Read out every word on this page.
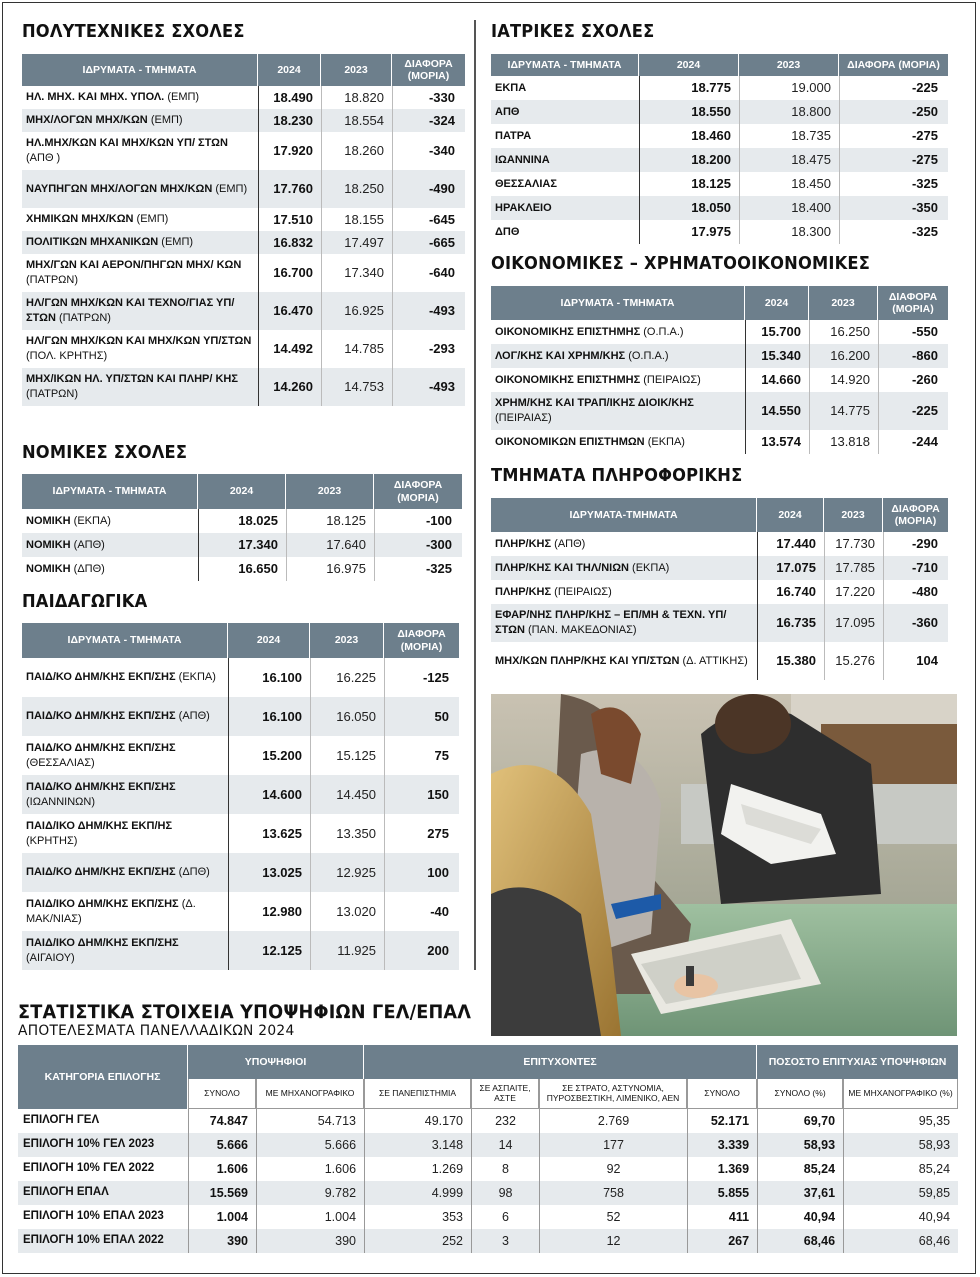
ΠΟΛΥΤΕΧΝΙΚΕΣ ΣΧΟΛΕΣ
ΙΔΡΥΜΑΤΑ - ΤΜΗΜΑΤΑ	2024	2023	ΔΙΑΦΟΡΑ (ΜΟΡΙΑ)
ΗΛ. ΜΗΧ. ΚΑΙ ΜΗΧ. ΥΠΟΛ. (ΕΜΠ)	18.490	18.820	-330
ΜΗΧ/ΛΟΓΩΝ ΜΗΧ/ΚΩΝ (ΕΜΠ)	18.230	18.554	-324
ΗΛ.ΜΗΧ/ΚΩΝ ΚΑΙ ΜΗΧ/ΚΩΝ ΥΠ/ ΣΤΩΝ (ΑΠΘ )	17.920	18.260	-340
ΝΑΥΠΗΓΩΝ ΜΗΧ/ΛΟΓΩΝ ΜΗΧ/ΚΩΝ (ΕΜΠ)	17.760	18.250	-490
ΧΗΜΙΚΩΝ ΜΗΧ/ΚΩΝ (ΕΜΠ)	17.510	18.155	-645
ΠΟΛΙΤΙΚΩΝ ΜΗΧΑΝΙΚΩΝ (ΕΜΠ)	16.832	17.497	-665
ΜΗΧ/ΓΩΝ ΚΑΙ ΑΕΡΟΝ/ΠΗΓΩΝ ΜΗΧ/ ΚΩΝ (ΠΑΤΡΩΝ)	16.700	17.340	-640
ΗΛ/ΓΩΝ ΜΗΧ/ΚΩΝ ΚΑΙ ΤΕΧΝΟ/ΓΙΑΣ ΥΠ/ΣΤΩΝ (ΠΑΤΡΩΝ)	16.470	16.925	-493
ΗΛ/ΓΩΝ ΜΗΧ/ΚΩΝ ΚΑΙ ΜΗΧ/ΚΩΝ ΥΠ/ΣΤΩΝ (ΠΟΛ. ΚΡΗΤΗΣ)	14.492	14.785	-293
ΜΗΧ/ΙΚΩΝ ΗΛ. ΥΠ/ΣΤΩΝ ΚΑΙ ΠΛΗΡ/ ΚΗΣ (ΠΑΤΡΩΝ)	14.260	14.753	-493
ΝΟΜΙΚΕΣ ΣΧΟΛΕΣ
ΙΔΡΥΜΑΤΑ - ΤΜΗΜΑΤΑ	2024	2023	ΔΙΑΦΟΡΑ (ΜΟΡΙΑ)
ΝΟΜΙΚΗ (ΕΚΠΑ)	18.025	18.125	-100
ΝΟΜΙΚΗ (ΑΠΘ)	17.340	17.640	-300
ΝΟΜΙΚΗ (ΔΠΘ)	16.650	16.975	-325
ΠΑΙΔΑΓΩΓΙΚΑ
ΙΔΡΥΜΑΤΑ - ΤΜΗΜΑΤΑ	2024	2023	ΔΙΑΦΟΡΑ (ΜΟΡΙΑ)
ΠΑΙΔ/ΚΟ ΔΗΜ/ΚΗΣ ΕΚΠ/ΣΗΣ (ΕΚΠΑ)	16.100	16.225	-125
ΠΑΙΔ/ΚΟ ΔΗΜ/ΚΗΣ ΕΚΠ/ΣΗΣ (ΑΠΘ)	16.100	16.050	50
ΠΑΙΔ/ΚΟ ΔΗΜ/ΚΗΣ ΕΚΠ/ΣΗΣ (ΘΕΣΣΑΛΙΑΣ)	15.200	15.125	75
ΠΑΙΔ/ΚΟ ΔΗΜ/ΚΗΣ ΕΚΠ/ΣΗΣ (ΙΩΑΝΝΙΝΩΝ)	14.600	14.450	150
ΠΑΙΔ/ΙΚΟ ΔΗΜ/ΚΗΣ ΕΚΠ/ΗΣ (ΚΡΗΤΗΣ)	13.625	13.350	275
ΠΑΙΔ/ΚΟ ΔΗΜ/ΚΗΣ ΕΚΠ/ΣΗΣ (ΔΠΘ)	13.025	12.925	100
ΠΑΙΔ/ΙΚΟ ΔΗΜ/ΚΗΣ ΕΚΠ/ΣΗΣ (Δ. ΜΑΚ/ΝΙΑΣ)	12.980	13.020	-40
ΠΑΙΔ/ΙΚΟ ΔΗΜ/ΚΗΣ ΕΚΠ/ΣΗΣ (ΑΙΓΑΙΟΥ)	12.125	11.925	200
ΙΑΤΡΙΚΕΣ ΣΧΟΛΕΣ
ΙΔΡΥΜΑΤΑ - ΤΜΗΜΑΤΑ	2024	2023	ΔΙΑΦΟΡΑ (ΜΟΡΙΑ)
ΕΚΠΑ	18.775	19.000	-225
ΑΠΘ	18.550	18.800	-250
ΠΑΤΡΑ	18.460	18.735	-275
ΙΩΑΝΝΙΝΑ	18.200	18.475	-275
ΘΕΣΣΑΛΙΑΣ	18.125	18.450	-325
ΗΡΑΚΛΕΙΟ	18.050	18.400	-350
ΔΠΘ	17.975	18.300	-325
ΟΙΚΟΝΟΜΙΚΕΣ – ΧΡΗΜΑΤΟΟΙΚΟΝΟΜΙΚΕΣ
ΙΔΡΥΜΑΤΑ - ΤΜΗΜΑΤΑ	2024	2023	ΔΙΑΦΟΡΑ (ΜΟΡΙΑ)
ΟΙΚΟΝΟΜΙΚΗΣ ΕΠΙΣΤΗΜΗΣ (Ο.Π.Α.)	15.700	16.250	-550
ΛΟΓ/ΚΗΣ ΚΑΙ ΧΡΗΜ/ΚΗΣ (Ο.Π.Α.)	15.340	16.200	-860
ΟΙΚΟΝΟΜΙΚΗΣ ΕΠΙΣΤΗΜΗΣ (ΠΕΙΡΑΙΩΣ)	14.660	14.920	-260
ΧΡΗΜ/ΚΗΣ ΚΑΙ ΤΡΑΠ/ΙΚΗΣ ΔΙΟΙΚ/ΚΗΣ (ΠΕΙΡΑΙΑΣ)	14.550	14.775	-225
ΟΙΚΟΝΟΜΙΚΩΝ ΕΠΙΣΤΗΜΩΝ (ΕΚΠΑ)	13.574	13.818	-244
ΤΜΗΜΑΤΑ ΠΛΗΡΟΦΟΡΙΚΗΣ
ΙΔΡΥΜΑΤΑ-ΤΜΗΜΑΤΑ	2024	2023	ΔΙΑΦΟΡΑ (ΜΟΡΙΑ)
ΠΛΗΡ/ΚΗΣ (ΑΠΘ)	17.440	17.730	-290
ΠΛΗΡ/ΚΗΣ ΚΑΙ ΤΗΛ/ΝΙΩΝ (ΕΚΠΑ)	17.075	17.785	-710
ΠΛΗΡ/ΚΗΣ (ΠΕΙΡΑΙΩΣ)	16.740	17.220	-480
ΕΦΑΡ/ΝΗΣ ΠΛΗΡ/ΚΗΣ – ΕΠ/ΜΗ & ΤΕΧΝ. ΥΠ/ΣΤΩΝ (ΠΑΝ. ΜΑΚΕΔΟΝΙΑΣ)	16.735	17.095	-360
ΜΗΧ/ΚΩΝ ΠΛΗΡ/ΚΗΣ ΚΑΙ ΥΠ/ΣΤΩΝ (Δ. ΑΤΤΙΚΗΣ)	15.380	15.276	104
ΣΤΑΤΙΣΤΙΚΑ ΣΤΟΙΧΕΙΑ ΥΠΟΨΗΦΙΩΝ ΓΕΛ/ΕΠΑΛ
ΑΠΟΤΕΛΕΣΜΑΤΑ ΠΑΝΕΛΛΑΔΙΚΩΝ 2024
ΚΑΤΗΓΟΡΙΑ ΕΠΙΛΟΓΗΣ	ΥΠΟΨΗΦΙΟΙ		ΕΠΙΤΥΧΟΝΤΕΣ				ΠΟΣΟΣΤΟ ΕΠΙΤΥΧΙΑΣ ΥΠΟΨΗΦΙΩΝ	
	ΣΥΝΟΛΟ	ΜΕ ΜΗΧΑΝΟΓΡΑΦΙΚΟ	ΣΕ ΠΑΝΕΠΙΣΤΗΜΙΑ	ΣΕ ΑΣΠΑΙΤΕ, ΑΣΤΕ	ΣΕ ΣΤΡΑΤΟ, ΑΣΤΥΝΟΜΙΑ, ΠΥΡΟΣΒΕΣΤΙΚΗ, ΛΙΜΕΝΙΚΟ, ΑΕΝ	ΣΥΝΟΛΟ	ΣΥΝΟΛΟ (%)	ΜΕ ΜΗΧΑΝΟΓΡΑΦΙΚΟ (%)
ΕΠΙΛΟΓΗ ΓΕΛ	74.847	54.713	49.170	232	2.769	52.171	69,70	95,35
ΕΠΙΛΟΓΗ 10% ΓΕΛ 2023	5.666	5.666	3.148	14	177	3.339	58,93	58,93
ΕΠΙΛΟΓΗ 10% ΓΕΛ 2022	1.606	1.606	1.269	8	92	1.369	85,24	85,24
ΕΠΙΛΟΓΗ ΕΠΑΛ	15.569	9.782	4.999	98	758	5.855	37,61	59,85
ΕΠΙΛΟΓΗ 10% ΕΠΑΛ 2023	1.004	1.004	353	6	52	411	40,94	40,94
ΕΠΙΛΟΓΗ 10% ΕΠΑΛ 2022	390	390	252	3	12	267	68,46	68,46
